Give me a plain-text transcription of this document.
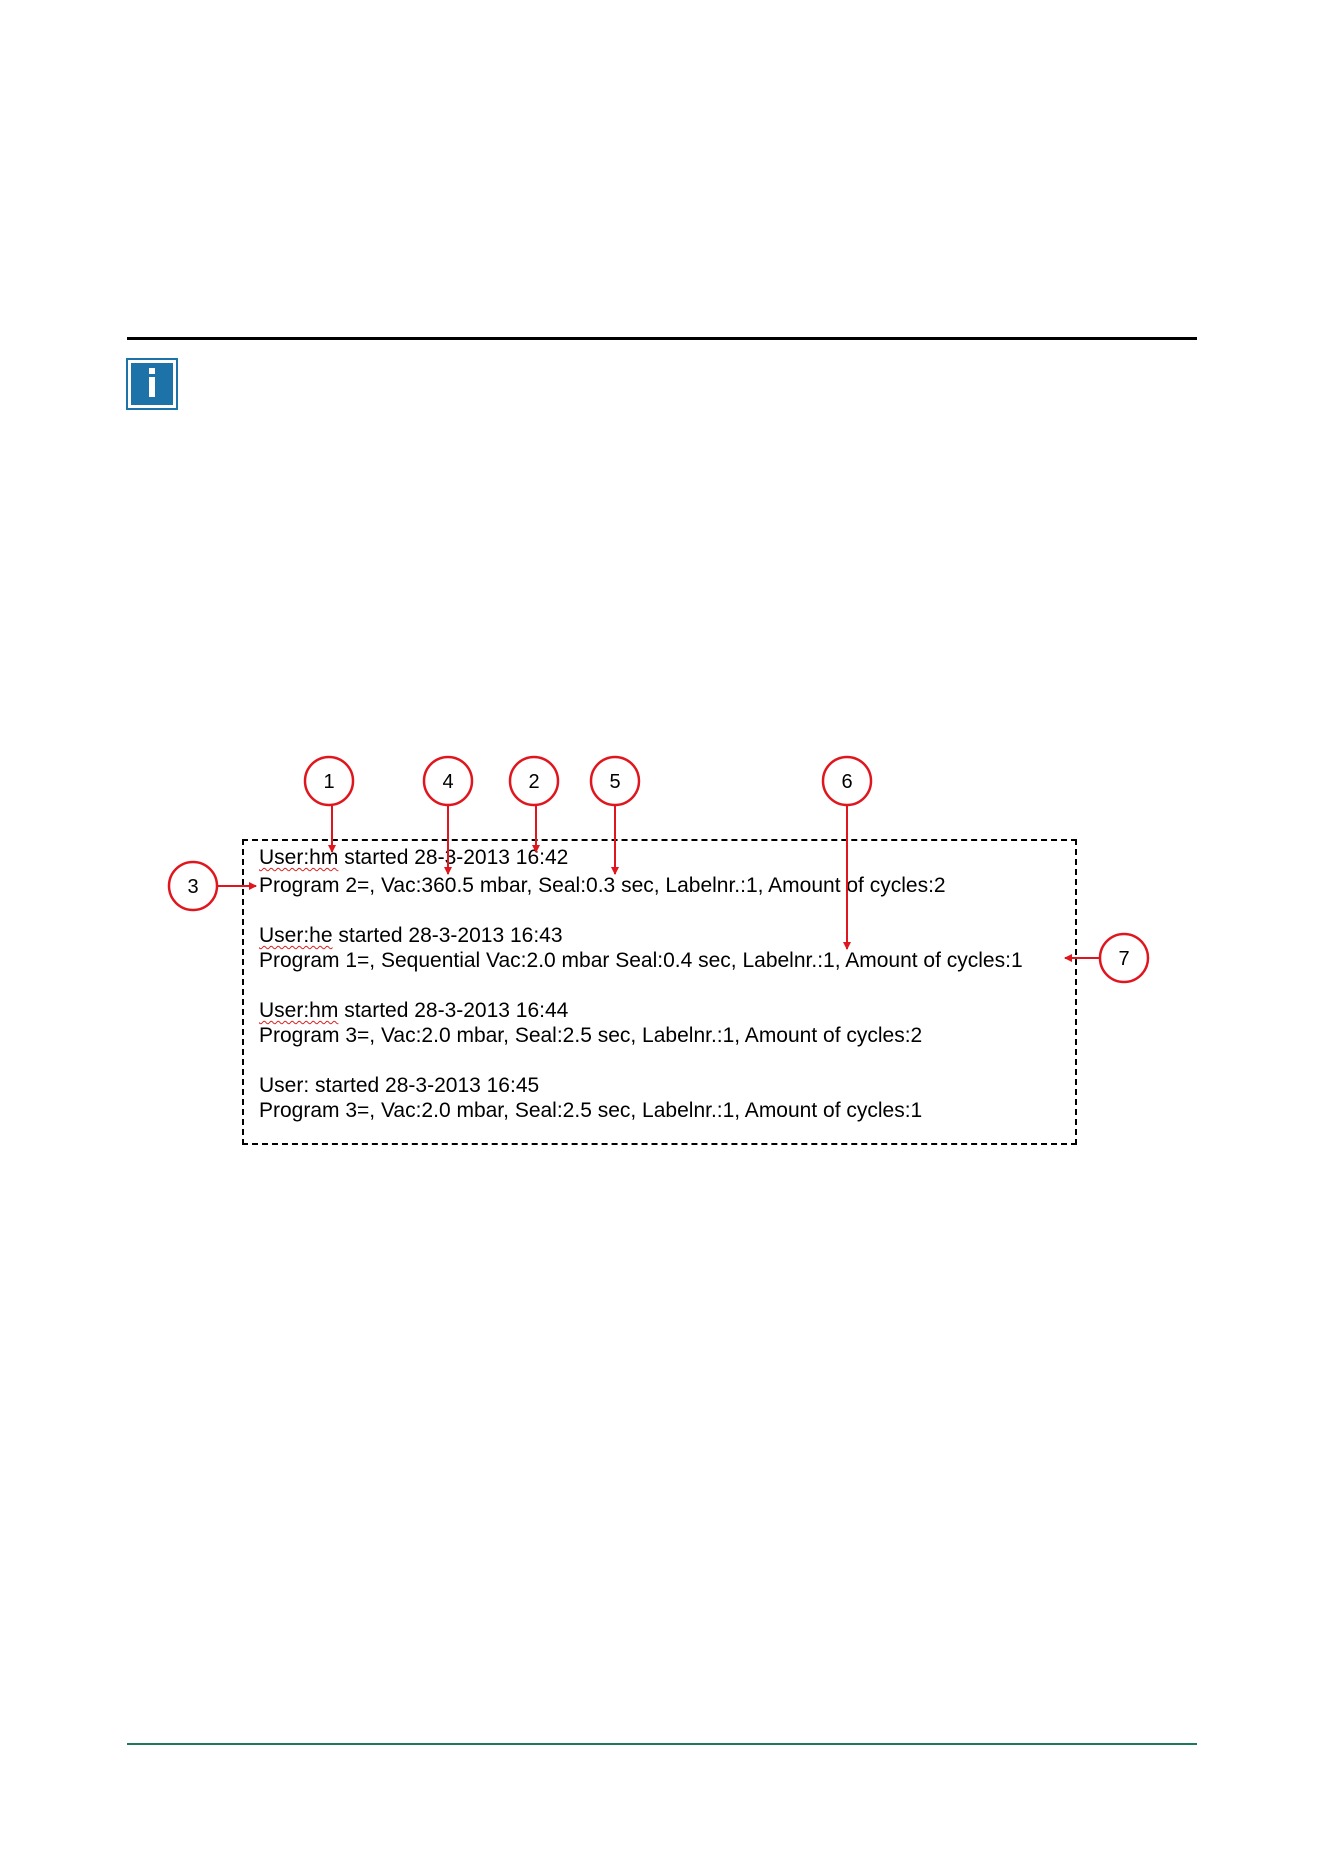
User:hm started 28-3-2013 16:42
Program 2=, Vac:360.5 mbar, Seal:0.3 sec, Labelnr.:1, Amount of cycles:2
User:he started 28-3-2013 16:43
Program 1=, Sequential Vac:2.0 mbar Seal:0.4 sec, Labelnr.:1, Amount of cycles:1
User:hm started 28-3-2013 16:44
Program 3=, Vac:2.0 mbar, Seal:2.5 sec, Labelnr.:1, Amount of cycles:2
User: started 28-3-2013 16:45
Program 3=, Vac:2.0 mbar, Seal:2.5 sec, Labelnr.:1, Amount of cycles:1
1	4	2	5	6
3
7
